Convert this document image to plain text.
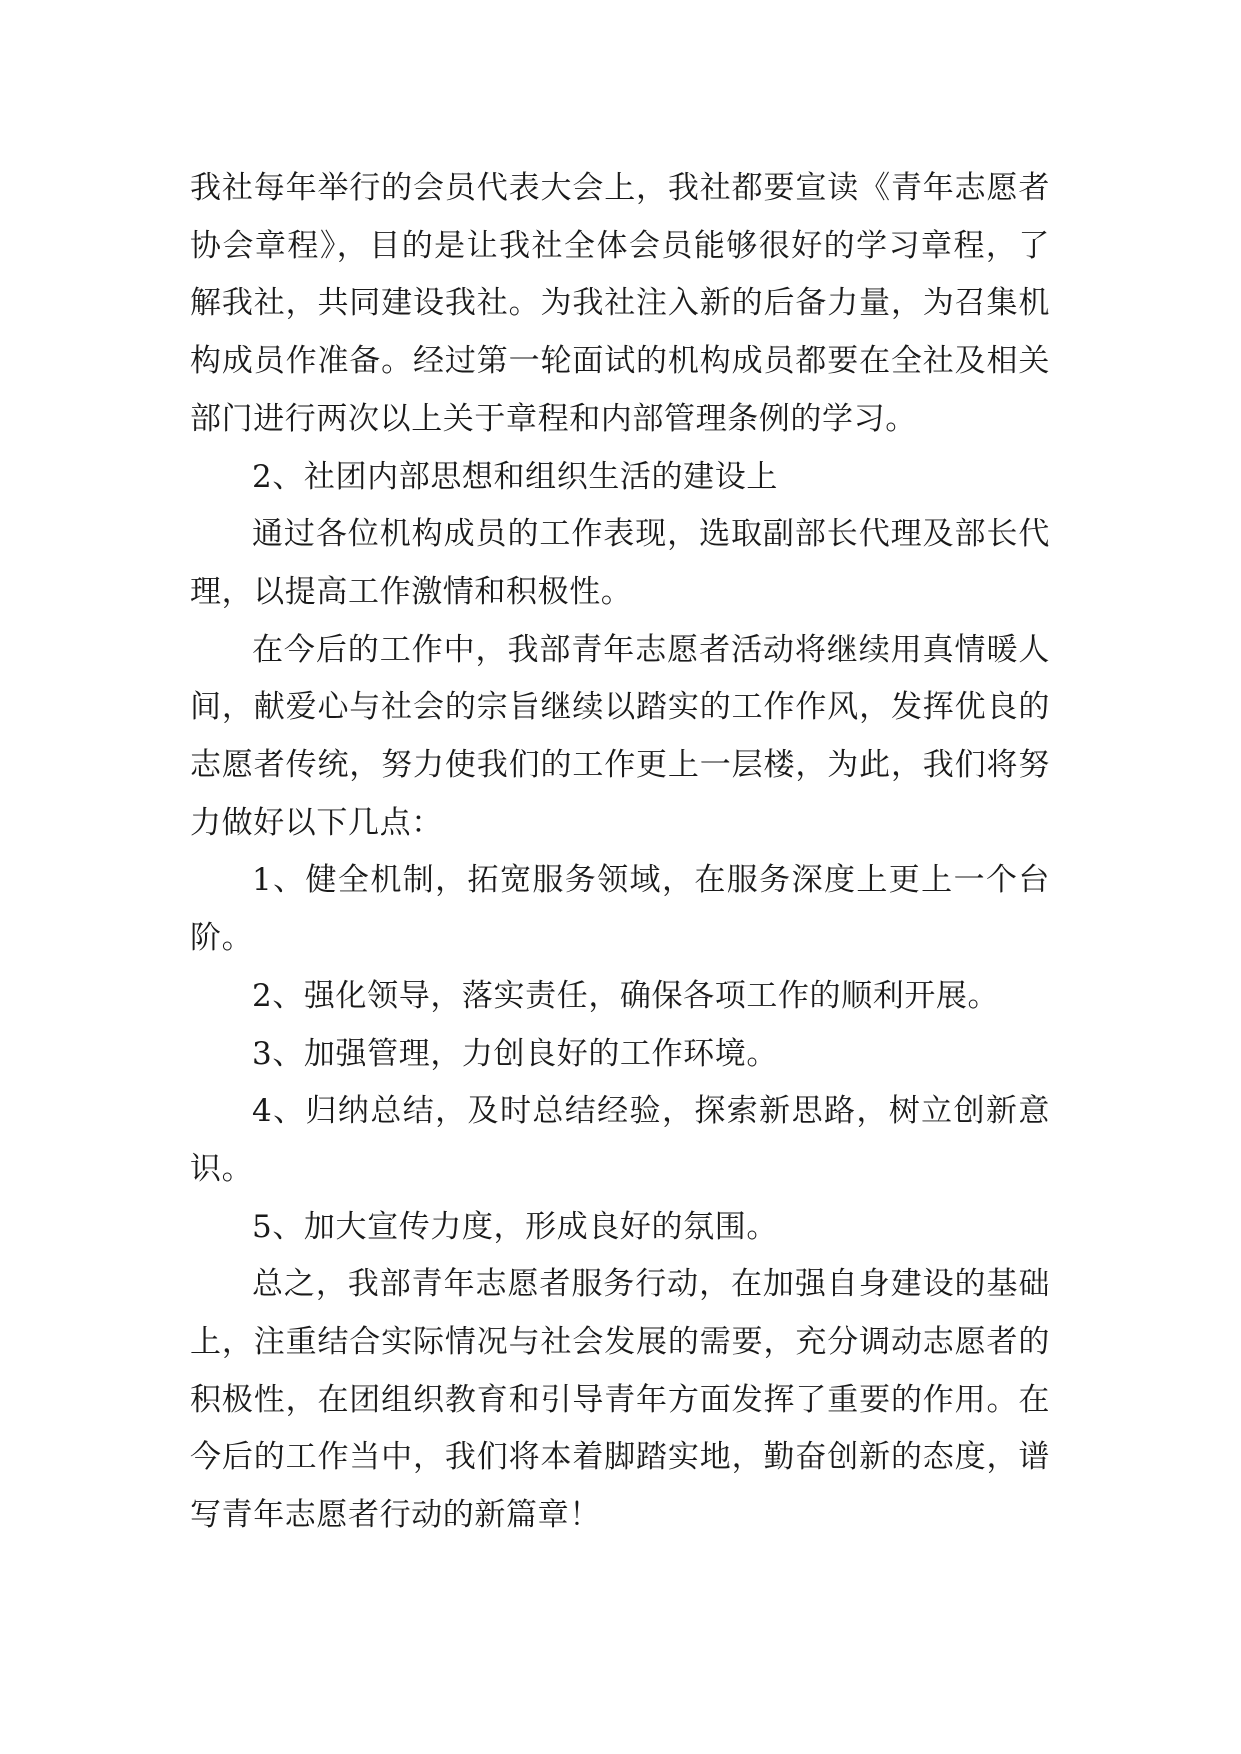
我社每年举行的会员代表大会上，我社都要宣读《青年志愿者协会章程》，目的是让我社全体会员能够很好的学习章程，了解我社，共同建设我社。为我社注入新的后备力量，为召集机构成员作准备。经过第一轮面试的机构成员都要在全社及相关部门进行两次以上关于章程和内部管理条例的学习。

2、社团内部思想和组织生活的建设上

通过各位机构成员的工作表现，选取副部长代理及部长代理，以提高工作激情和积极性。

在今后的工作中，我部青年志愿者活动将继续用真情暖人间，献爱心与社会的宗旨继续以踏实的工作作风，发挥优良的志愿者传统，努力使我们的工作更上一层楼，为此，我们将努力做好以下几点：

1、健全机制，拓宽服务领域，在服务深度上更上一个台阶。

2、强化领导，落实责任，确保各项工作的顺利开展。

3、加强管理，力创良好的工作环境。

4、归纳总结，及时总结经验，探索新思路，树立创新意识。

5、加大宣传力度，形成良好的氛围。

总之，我部青年志愿者服务行动，在加强自身建设的基础上，注重结合实际情况与社会发展的需要，充分调动志愿者的积极性，在团组织教育和引导青年方面发挥了重要的作用。在今后的工作当中，我们将本着脚踏实地，勤奋创新的态度，谱写青年志愿者行动的新篇章！
